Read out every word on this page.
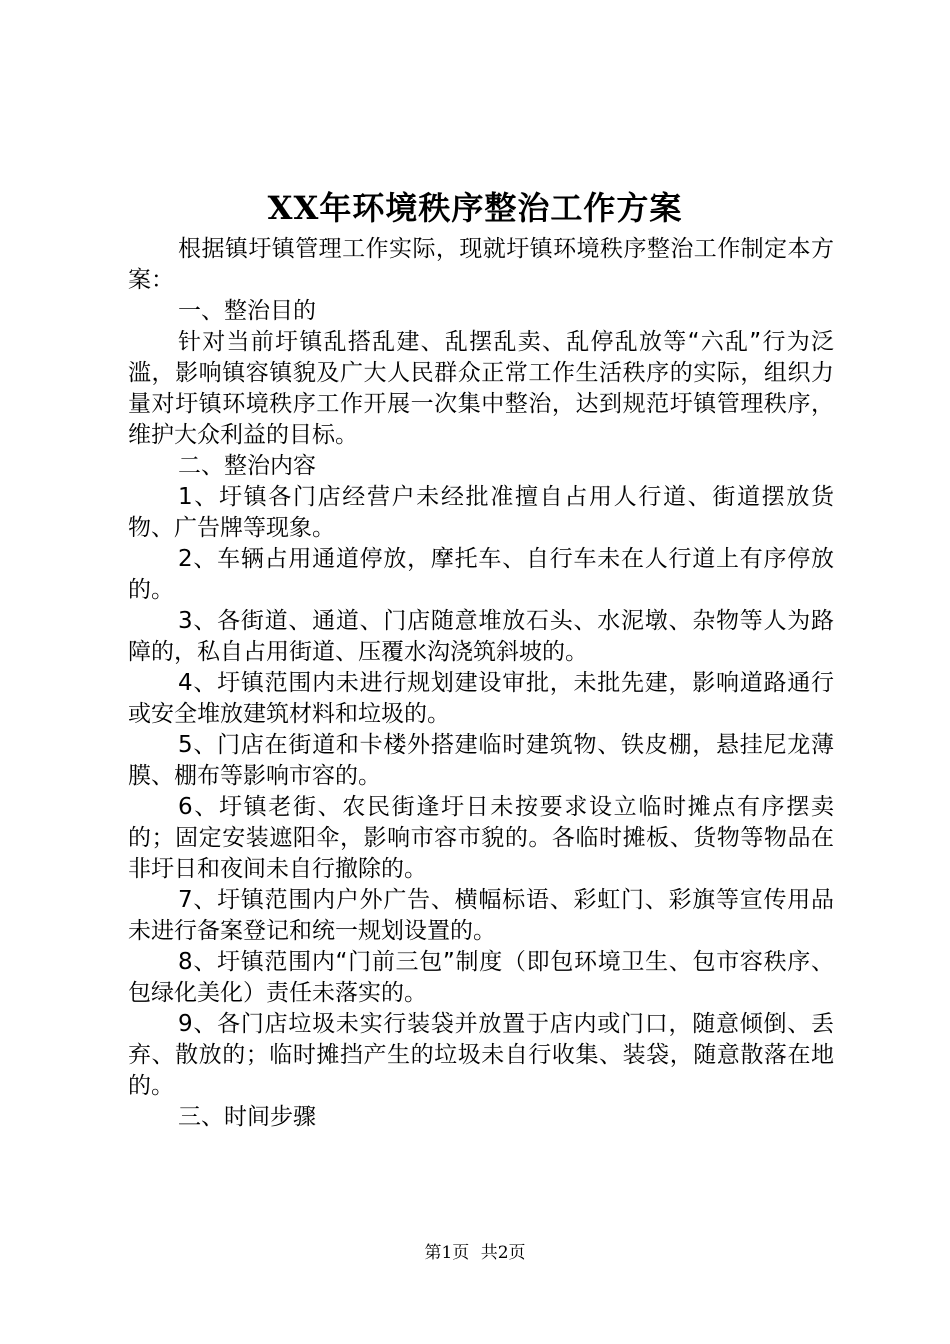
XX年环境秩序整治工作方案

根据镇圩镇管理工作实际，现就圩镇环境秩序整治工作制定本方案：

一、整治目的

针对当前圩镇乱搭乱建、乱摆乱卖、乱停乱放等“六乱”行为泛滥，影响镇容镇貌及广大人民群众正常工作生活秩序的实际，组织力量对圩镇环境秩序工作开展一次集中整治，达到规范圩镇管理秩序，维护大众利益的目标。

二、整治内容

1、圩镇各门店经营户未经批准擅自占用人行道、街道摆放货物、广告牌等现象。

2、车辆占用通道停放，摩托车、自行车未在人行道上有序停放的。

3、各街道、通道、门店随意堆放石头、水泥墩、杂物等人为路障的，私自占用街道、压覆水沟浇筑斜坡的。

4、圩镇范围内未进行规划建设审批，未批先建，影响道路通行或安全堆放建筑材料和垃圾的。

5、门店在街道和卡楼外搭建临时建筑物、铁皮棚，悬挂尼龙薄膜、棚布等影响市容的。

6、圩镇老街、农民街逢圩日未按要求设立临时摊点有序摆卖的；固定安装遮阳伞，影响市容市貌的。各临时摊板、货物等物品在非圩日和夜间未自行撤除的。

7、圩镇范围内户外广告、横幅标语、彩虹门、彩旗等宣传用品未进行备案登记和统一规划设置的。

8、圩镇范围内“门前三包”制度（即包环境卫生、包市容秩序、包绿化美化）责任未落实的。

9、各门店垃圾未实行装袋并放置于店内或门口，随意倾倒、丢弃、散放的；临时摊挡产生的垃圾未自行收集、装袋，随意散落在地的。

三、时间步骤

第1页 共2页
